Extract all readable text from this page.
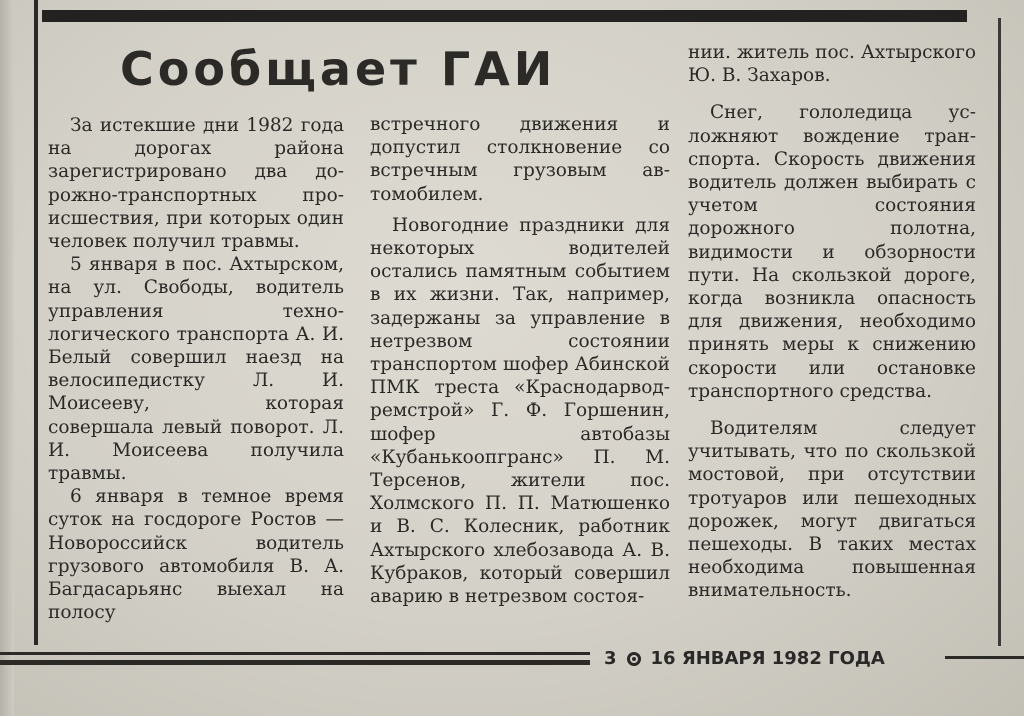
Сообщает ГАИ

За истекшие дни 1982 года на дорогах района зарегистрировано два дорожно-транспортных происшествия, при которых один человек получил травмы.

5 января в пос. Ахтырском, на ул. Свободы, водитель управления технологического транспорта А. И. Белый совершил наезд на велосипедистку Л. И. Моисееву, которая совершала левый поворот. Л. И. Моисеева получила травмы.

6 января в темное время суток на госдороге Ростов — Новороссийск водитель грузового автомобиля В. А. Багдасарьянс выехал на полосу

встречного движения и допустил столкновение со встречным грузовым автомобилем.

Новогодние праздники для некоторых водителей остались памятным событием в их жизни. Так, например, задержаны за управление в нетрезвом состоянии транспортом шофер Абинской ПМК треста «Краснодарводремстрой» Г. Ф. Горшенин, шофер автобазы «Кубанькоопгранс» П. М. Терсенов, жители пос. Холмского П. П. Матюшенко и В. С. Колесник, работник Ахтырского хлебозавода А. В. Кубраков, который совершил аварию в нетрезвом состоя-

нии. житель пос. Ахтырского Ю. В. Захаров.

Снег, гололедица усложняют вождение транспорта. Скорость движения водитель должен выбирать с учетом состояния дорожного полотна, видимости и обзорности пути. На скользкой дороге, когда возникла опасность для движения, необходимо принять меры к снижению скорости или остановке транспортного средства.

Водителям следует учитывать, что по скользкой мостовой, при отсутствии тротуаров или пешеходных дорожек, могут двигаться пешеходы. В таких местах необходима повышенная внимательность.

3 16 ЯНВАРЯ 1982 ГОДА
